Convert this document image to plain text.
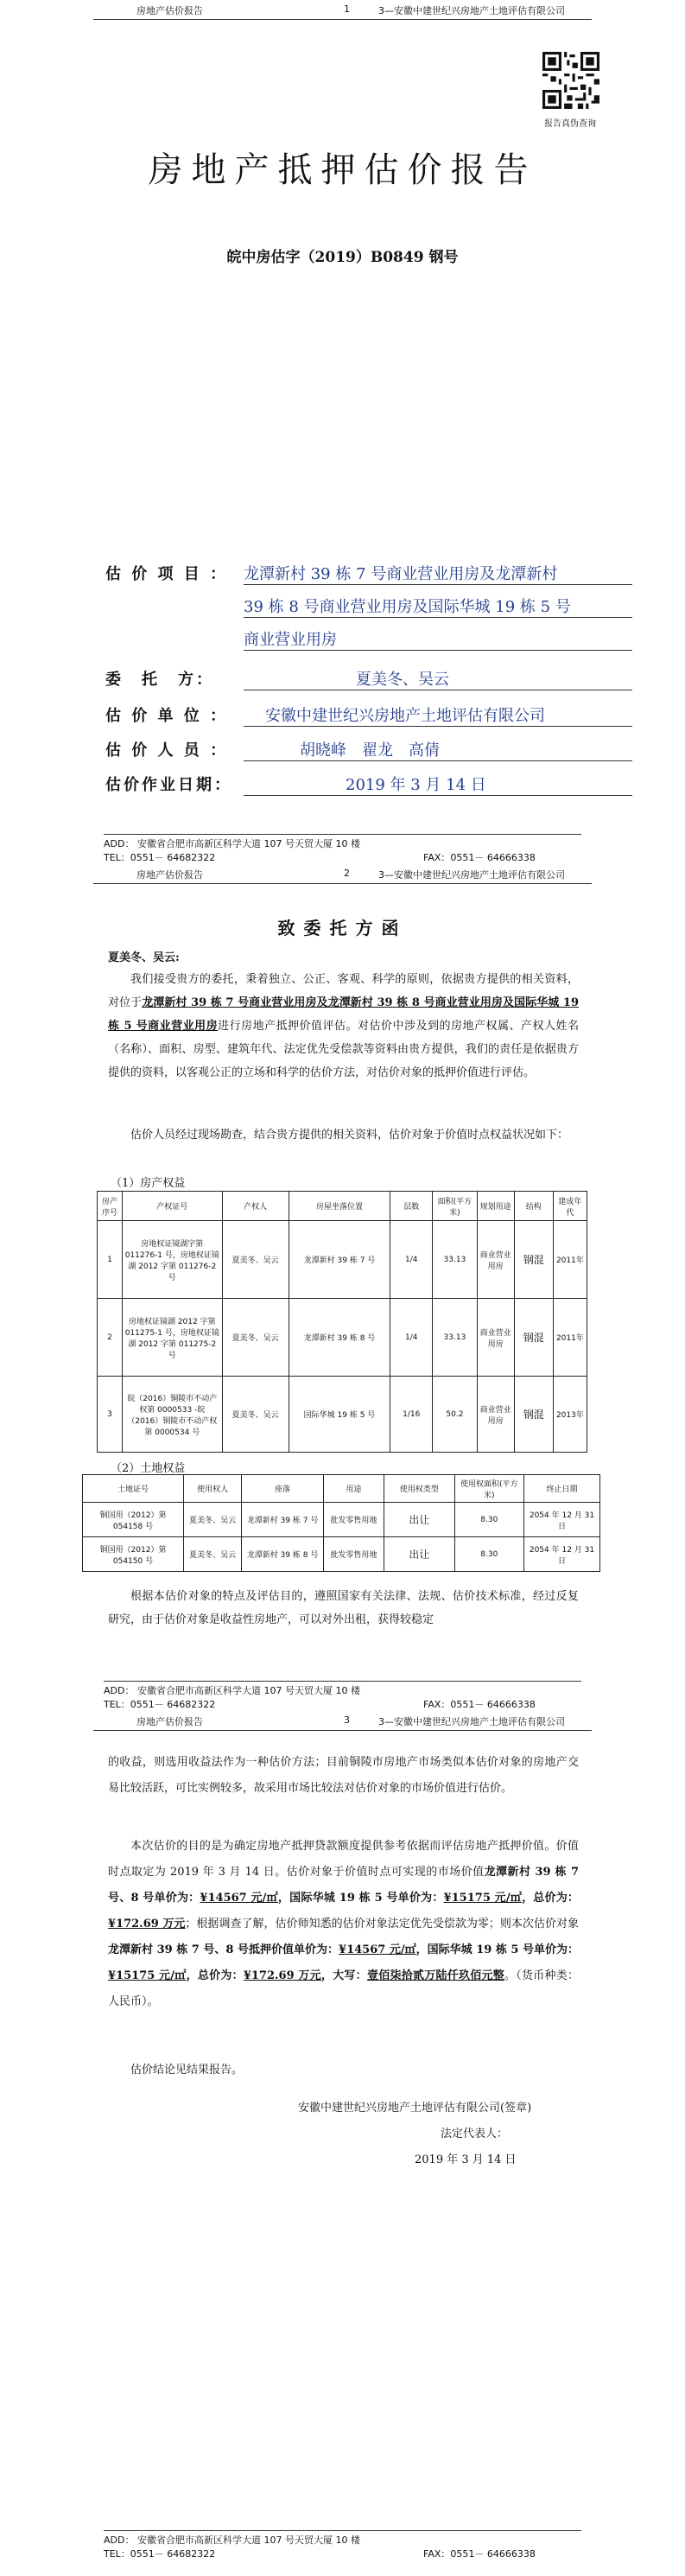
房地产估价报告	1	3—安徽中建世纪兴房地产土地评估有限公司
报告真伪查询
房地产抵押估价报告
皖中房估字（2019）B0849 钢号
估 价 项 目 ： 龙潭新村 39 栋 7 号商业营业用房及龙潭新村
39 栋 8 号商业营业用房及国际华城 19 栋 5 号
商业营业用房
委　托　方：	夏美冬、吴云
估 价 单 位 ： 安徽中建世纪兴房地产土地评估有限公司
估 价 人 员 ：	胡晓峰　翟龙　高倩
估价作业日期：	2019 年 3 月 14 日
ADD： 安徽省合肥市高新区科学大道 107 号天贸大厦 10 楼
TEL：0551－ 64682322	FAX：0551－ 64666338
房地产估价报告	2	3—安徽中建世纪兴房地产土地评估有限公司
致委托方函
夏美冬、吴云:
我们接受贵方的委托，秉着独立、公正、客观、科学的原则，依据贵方提供的相关资料，对位于龙潭新村 39 栋 7 号商业营业用房及龙潭新村 39 栋 8 号商业营业用房及国际华城 19 栋 5 号商业营业用房进行房地产抵押价值评估。对估价中涉及到的房地产权属、产权人姓名（名称）、面积、房型、建筑年代、法定优先受偿款等资料由贵方提供，我们的责任是依据贵方提供的资料，以客观公正的立场和科学的估价方法，对估价对象的抵押价值进行评估。
估价人员经过现场勘查，结合贵方提供的相关资料，估价对象于价值时点权益状况如下：
（1）房产权益
房产序号	产权证号	产权人	房屋坐落位置	层数	面积(平方米)	规划用途	结构	建成年代
1	房地权证镜湖字第 011276-1 号，房地权证镜湖 2012 字第 011276-2 号	夏美冬、吴云	龙潭新村 39 栋 7 号	1/4	33.13	商业营业用房	钢混	2011年
2	房地权证镜湖 2012 字第 011275-1 号，房地权证镜湖 2012 字第 011275-2 号	夏美冬、吴云	龙潭新村 39 栋 8 号	1/4	33.13	商业营业用房	钢混	2011年
3	皖（2016）铜陵市不动产权第 0000533 -皖（2016）铜陵市不动产权第 0000534 号	夏美冬、吴云	国际华城 19 栋 5 号	1/16	50.2	商业营业用房	钢混	2013年
（2）土地权益
土地证号	使用权人	座落	用途	使用权类型	使用权面积(平方米)	终止日期
铜国用（2012）第 054158 号	夏美冬、吴云	龙潭新村 39 栋 7 号	批发零售用地	出让	8.30	2054 年 12 月 31 日
铜国用（2012）第 054150 号	夏美冬、吴云	龙潭新村 39 栋 8 号	批发零售用地	出让	8.30	2054 年 12 月 31 日
根据本估价对象的特点及评估目的，遵照国家有关法律、法规、估价技术标准，经过反复研究，由于估价对象是收益性房地产，可以对外出租，获得较稳定
ADD： 安徽省合肥市高新区科学大道 107 号天贸大厦 10 楼
TEL：0551－ 64682322	FAX：0551－ 64666338
房地产估价报告	3	3—安徽中建世纪兴房地产土地评估有限公司
的收益，则选用收益法作为一种估价方法；目前铜陵市房地产市场类似本估价对象的房地产交易比较活跃，可比实例较多，故采用市场比较法对估价对象的市场价值进行估价。
本次估价的目的是为确定房地产抵押贷款额度提供参考依据而评估房地产抵押价值。价值时点取定为 2019 年 3 月 14 日。估价对象于价值时点可实现的市场价值龙潭新村 39 栋 7 号、8 号单价为：¥14567 元/㎡，国际华城 19 栋 5 号单价为：¥15175 元/㎡，总价为：¥172.69 万元；根据调查了解，估价师知悉的估价对象法定优先受偿款为零；则本次估价对象龙潭新村 39 栋 7 号、8 号抵押价值单价为：¥14567 元/㎡，国际华城 19 栋 5 号单价为：¥15175 元/㎡，总价为：¥172.69 万元，大写：壹佰柒拾贰万陆仟玖佰元整。（货币种类：人民币）。
估价结论见结果报告。
安徽中建世纪兴房地产土地评估有限公司(签章)
法定代表人：
2019 年 3 月 14 日
ADD： 安徽省合肥市高新区科学大道 107 号天贸大厦 10 楼
TEL：0551－ 64682322	FAX：0551－ 64666338
